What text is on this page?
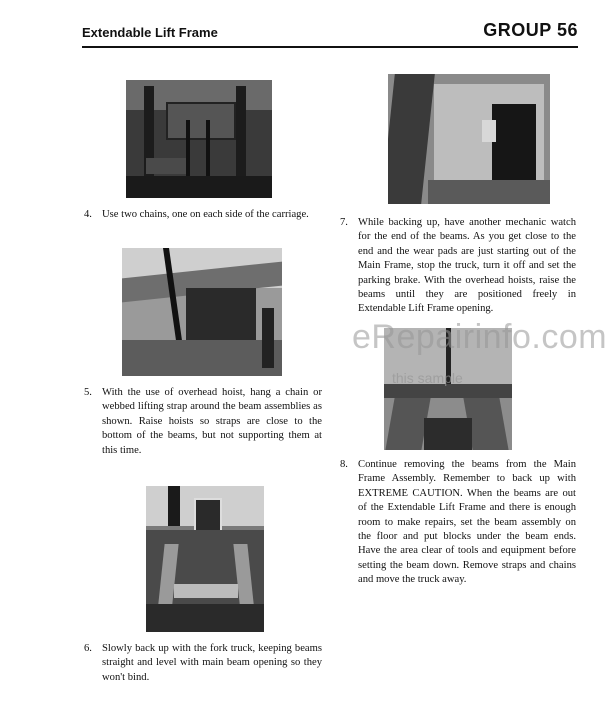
Extendable Lift Frame	GROUP 56
4. Use two chains, one on each side of the carriage.
5. With the use of overhead hoist, hang a chain or webbed lifting strap around the beam assemblies as shown. Raise hoists so straps are close to the bottom of the beams, but not supporting them at this time.
6. Slowly back up with the fork truck, keeping beams straight and level with main beam opening so they won't bind.
7. While backing up, have another mechanic watch for the end of the beams. As you get close to the end and the wear pads are just starting out of the Main Frame, stop the truck, turn it off and set the parking brake. With the overhead hoists, raise the beams until they are positioned freely in Extendable Lift Frame opening.
8. Continue removing the beams from the Main Frame Assembly. Remember to back up with EXTREME CAUTION. When the beams are out of the Extendable Lift Frame and there is enough room to make repairs, set the beam assembly on the floor and put blocks under the beam ends. Have the area clear of tools and equipment before setting the beam down. Remove straps and chains and move the truck away.
eRepairinfo.com
this sample
